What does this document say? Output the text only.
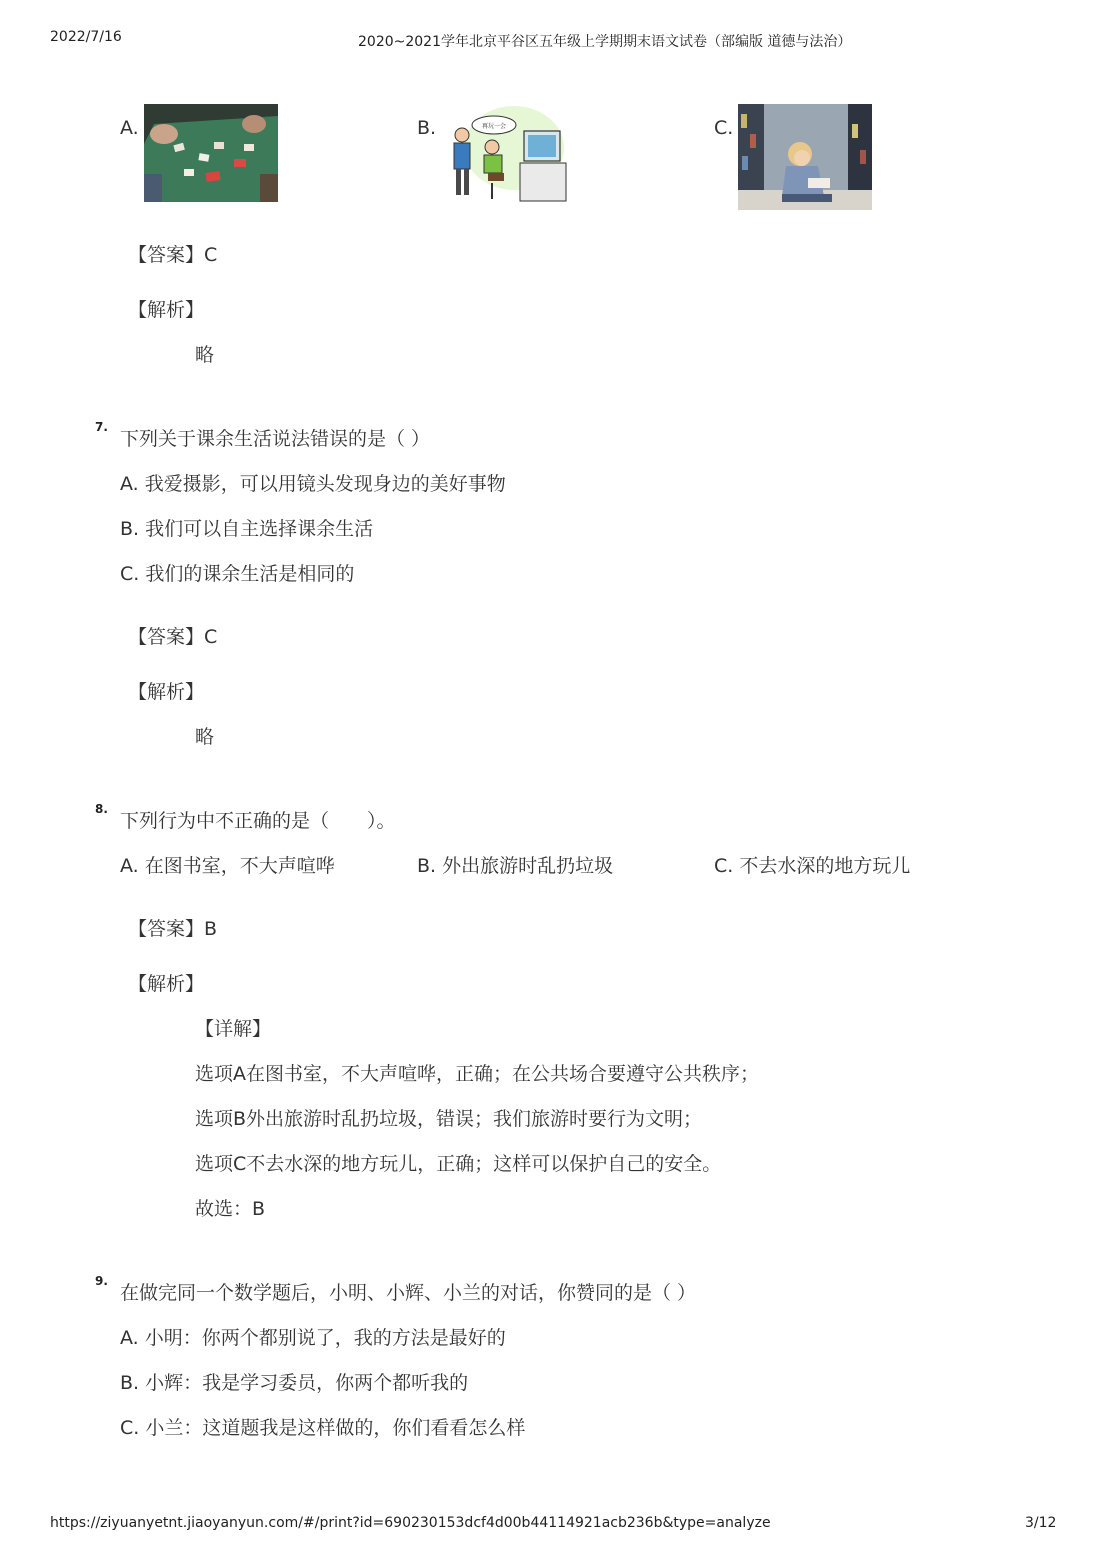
2022/7/16	2020~2021学年北京平谷区五年级上学期期末语文试卷（部编版 道德与法治）
A.	B.	再玩一会	C.
【答案】C
【解析】
略
7.
下列关于课余生活说法错误的是（ ）
A. 我爱摄影，可以用镜头发现身边的美好事物
B. 我们可以自主选择课余生活
C. 我们的课余生活是相同的
【答案】C
【解析】
略
8.
下列行为中不正确的是（　　）。
A. 在图书室，不大声喧哗	B. 外出旅游时乱扔垃圾	C. 不去水深的地方玩儿
【答案】B
【解析】
【详解】
选项A在图书室，不大声喧哗，正确；在公共场合要遵守公共秩序；
选项B外出旅游时乱扔垃圾，错误；我们旅游时要行为文明；
选项C不去水深的地方玩儿，正确；这样可以保护自己的安全。
故选：B
9.
在做完同一个数学题后，小明、小辉、小兰的对话，你赞同的是（ ）
A. 小明：你两个都别说了，我的方法是最好的
B. 小辉：我是学习委员，你两个都听我的
C. 小兰：这道题我是这样做的，你们看看怎么样
https://ziyuanyetnt.jiaoyanyun.com/#/print?id=690230153dcf4d00b44114921acb236b&type=analyze	3/12
